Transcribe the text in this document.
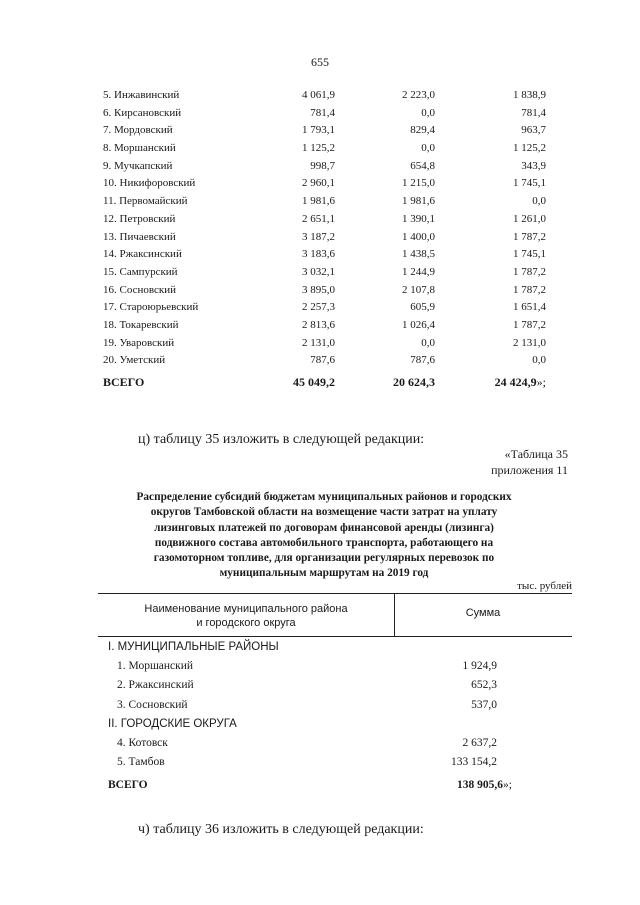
655
5. Инжавинский	4 061,9	2 223,0	1 838,9
6. Кирсановский	781,4	0,0	781,4
7. Мордовский	1 793,1	829,4	963,7
8. Моршанский	1 125,2	0,0	1 125,2
9. Мучкапский	998,7	654,8	343,9
10. Никифоровский	2 960,1	1 215,0	1 745,1
11. Первомайский	1 981,6	1 981,6	0,0
12. Петровский	2 651,1	1 390,1	1 261,0
13. Пичаевский	3 187,2	1 400,0	1 787,2
14. Ржаксинский	3 183,6	1 438,5	1 745,1
15. Сампурский	3 032,1	1 244,9	1 787,2
16. Сосновский	3 895,0	2 107,8	1 787,2
17. Староюрьевский	2 257,3	605,9	1 651,4
18. Токаревский	2 813,6	1 026,4	1 787,2
19. Уваровский	2 131,0	0,0	2 131,0
20. Уметский	787,6	787,6	0,0
ВСЕГО	45 049,2	20 624,3	24 424,9»;
ц) таблицу 35 изложить в следующей редакции:
«Таблица 35
приложения 11
Распределение субсидий бюджетам муниципальных районов и городских
округов Тамбовской области на возмещение части затрат на уплату
лизинговых платежей по договорам финансовой аренды (лизинга)
подвижного состава автомобильного транспорта, работающего на
газомоторном топливе, для организации регулярных перевозок по
муниципальным маршрутам на 2019 год
тыс. рублей
Наименование муниципального района
и городского округа
Сумма
I. МУНИЦИПАЛЬНЫЕ РАЙОНЫ
1. Моршанский	1 924,9
2. Ржаксинский	652,3
3. Сосновский	537,0
II. ГОРОДСКИЕ ОКРУГА
4. Котовск	2 637,2
5. Тамбов	133 154,2
ВСЕГО	138 905,6»;
ч) таблицу 36 изложить в следующей редакции:
